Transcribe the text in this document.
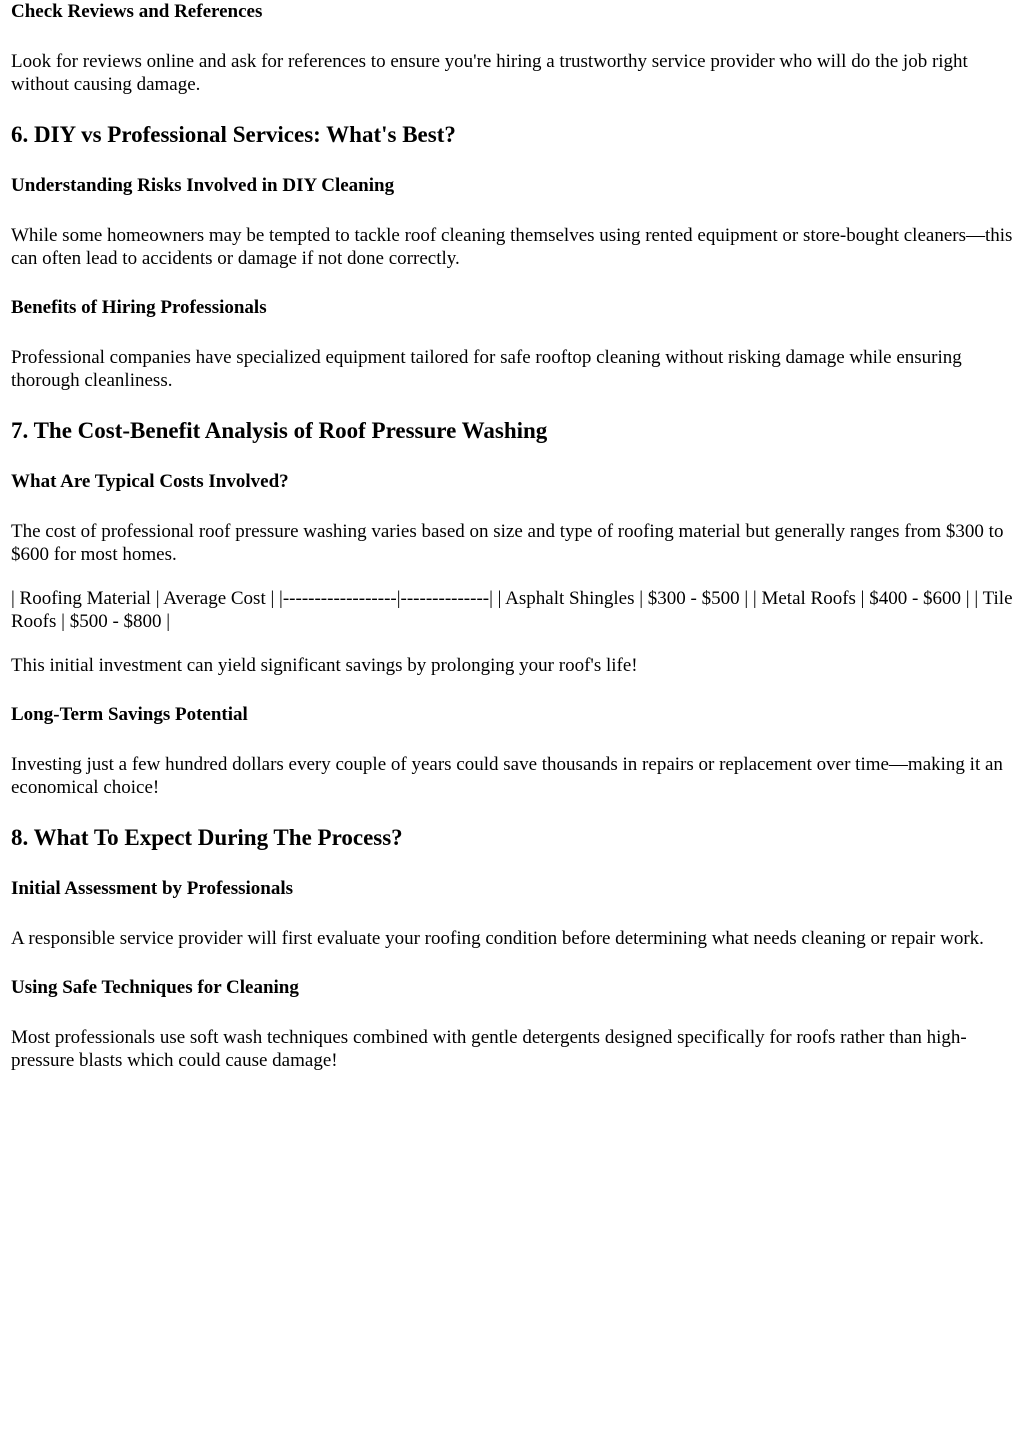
Check Reviews and References

Look for reviews online and ask for references to ensure you're hiring a trustworthy service provider who will do the job right without causing damage.

6. DIY vs Professional Services: What's Best?
Understanding Risks Involved in DIY Cleaning

While some homeowners may be tempted to tackle roof cleaning themselves using rented equipment or store-bought cleaners—this can often lead to accidents or damage if not done correctly.

Benefits of Hiring Professionals

Professional companies have specialized equipment tailored for safe rooftop cleaning without risking damage while ensuring thorough cleanliness.

7. The Cost-Benefit Analysis of Roof Pressure Washing
What Are Typical Costs Involved?

The cost of professional roof pressure washing varies based on size and type of roofing material but generally ranges from $300 to $600 for most homes.

| Roofing Material | Average Cost | |------------------|--------------| | Asphalt Shingles | $300 - $500 | | Metal Roofs | $400 - $600 | | Tile Roofs | $500 - $800 |

This initial investment can yield significant savings by prolonging your roof's life!

Long-Term Savings Potential

Investing just a few hundred dollars every couple of years could save thousands in repairs or replacement over time—making it an economical choice!

8. What To Expect During The Process?
Initial Assessment by Professionals

A responsible service provider will first evaluate your roofing condition before determining what needs cleaning or repair work.

Using Safe Techniques for Cleaning

Most professionals use soft wash techniques combined with gentle detergents designed specifically for roofs rather than high-pressure blasts which could cause damage!
